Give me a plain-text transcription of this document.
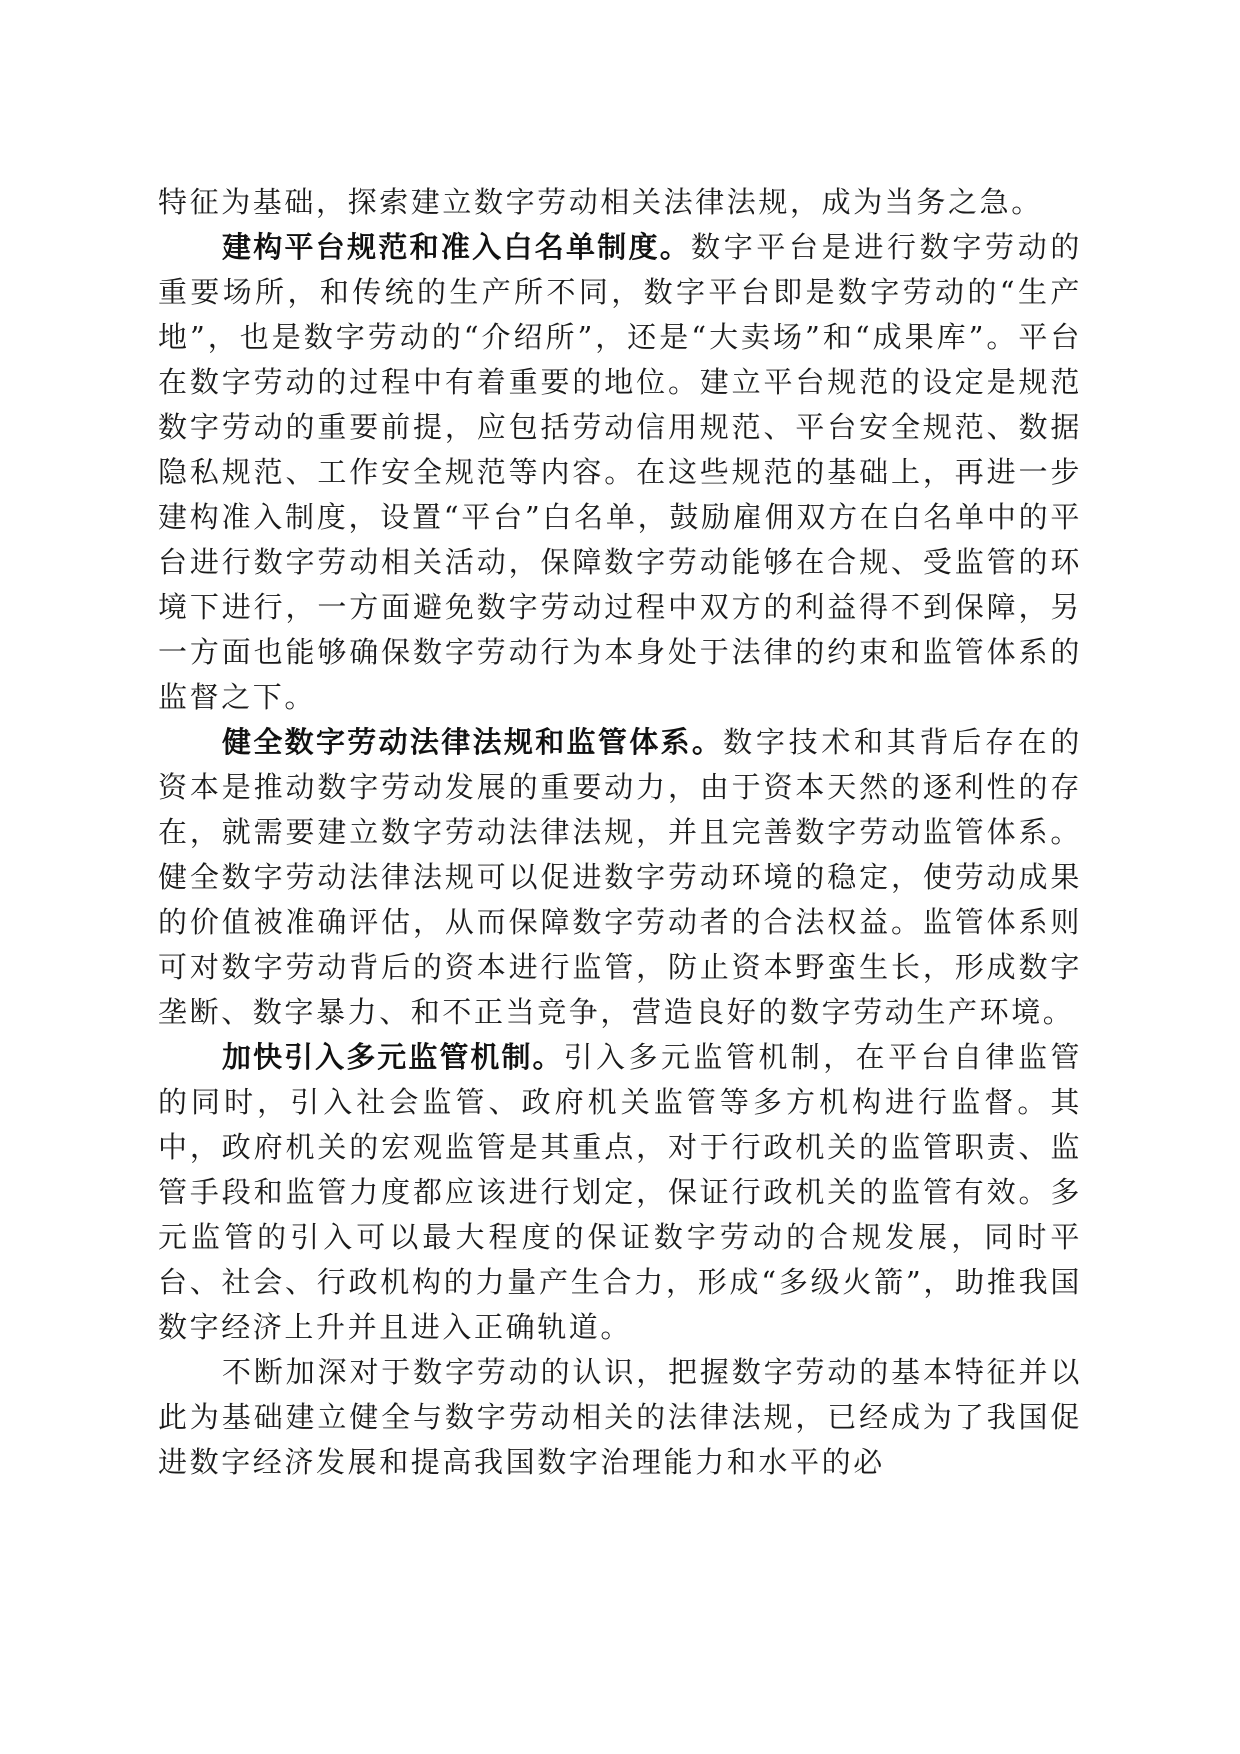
特征为基础，探索建立数字劳动相关法律法规，成为当务之急。

建构平台规范和准入白名单制度。数字平台是进行数字劳动的重要场所，和传统的生产所不同，数字平台即是数字劳动的“生产地”，也是数字劳动的“介绍所”，还是“大卖场”和“成果库”。平台在数字劳动的过程中有着重要的地位。建立平台规范的设定是规范数字劳动的重要前提，应包括劳动信用规范、平台安全规范、数据隐私规范、工作安全规范等内容。在这些规范的基础上，再进一步建构准入制度，设置“平台”白名单，鼓励雇佣双方在白名单中的平台进行数字劳动相关活动，保障数字劳动能够在合规、受监管的环境下进行，一方面避免数字劳动过程中双方的利益得不到保障，另一方面也能够确保数字劳动行为本身处于法律的约束和监管体系的监督之下。

健全数字劳动法律法规和监管体系。数字技术和其背后存在的资本是推动数字劳动发展的重要动力，由于资本天然的逐利性的存在，就需要建立数字劳动法律法规，并且完善数字劳动监管体系。健全数字劳动法律法规可以促进数字劳动环境的稳定，使劳动成果的价值被准确评估，从而保障数字劳动者的合法权益。监管体系则可对数字劳动背后的资本进行监管，防止资本野蛮生长，形成数字垄断、数字暴力、和不正当竞争，营造良好的数字劳动生产环境。

加快引入多元监管机制。引入多元监管机制，在平台自律监管的同时，引入社会监管、政府机关监管等多方机构进行监督。其中，政府机关的宏观监管是其重点，对于行政机关的监管职责、监管手段和监管力度都应该进行划定，保证行政机关的监管有效。多元监管的引入可以最大程度的保证数字劳动的合规发展，同时平台、社会、行政机构的力量产生合力，形成“多级火箭”，助推我国数字经济上升并且进入正确轨道。

不断加深对于数字劳动的认识，把握数字劳动的基本特征并以此为基础建立健全与数字劳动相关的法律法规，已经成为了我国促进数字经济发展和提高我国数字治理能力和水平的必
